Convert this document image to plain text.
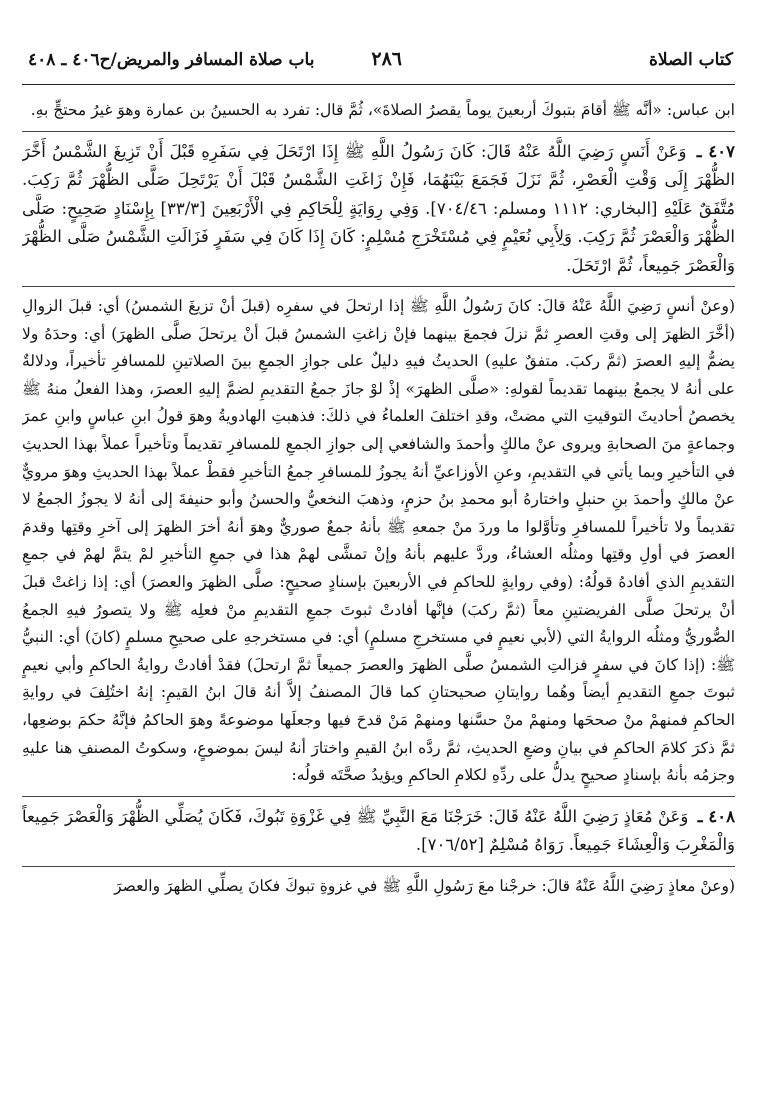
كتاب الصلاة
٢٨٦
باب صلاة المسافر والمريض/ح٤٠٦ ـ ٤٠٨

ابن عباس: «أنَّه ﷺ أقامَ بتبوكَ أربعينَ يوماً يقصرُ الصلاةَ»، ثُمَّ قال: تفرد به الحسينُ بن عمارة وهوَ غيرُ محتجٍّ بهِ.

٤٠٧ ـ وَعَنْ أَنَسٍ رَضِيَ اللَّهُ عَنْهُ قَالَ: كَانَ رَسُولُ اللَّهِ ﷺ إِذَا ارْتَحَلَ فِي سَفَرِهِ قَبْلَ أَنْ تَزِيغَ الشَّمْسُ أَخَّرَ الظُّهْرَ إِلَى وَقْتِ الْعَصْرِ، ثُمَّ نَزَلَ فَجَمَعَ بَيْنَهُمَا، فَإِنْ زَاغَتِ الشَّمْسُ قَبْلَ أَنْ يَرْتَحِلَ صَلَّى الظُّهْرَ ثُمَّ رَكِبَ. مُتَّفَقٌ عَلَيْهِ [البخاري: ١١١٢ ومسلم: ٧٠٤/٤٦]. وَفِي رِوَايَةٍ لِلْحَاكِمِ فِي الْأَرْبَعِينَ [٣٣/٣] بِإِسْنَادٍ صَحِيحٍ: صَلَّى الظُّهْرَ وَالْعَصْرَ ثُمَّ رَكِبَ. وَلِأَبِي نُعَيْمٍ فِي مُسْتَخْرَجِ مُسْلِمٍ: كَانَ إِذَا كَانَ فِي سَفَرٍ فَزَالَتِ الشَّمْسُ صَلَّى الظُّهْرَ وَالْعَصْرَ جَمِيعاً، ثُمَّ ارْتَحَلَ.

(وعنْ أنسٍ رَضِيَ اللَّهُ عَنْهُ قالَ: كانَ رَسُولُ اللَّهِ ﷺ إذا ارتحلَ في سفرِه (قبلَ أنْ تزيغَ الشمسُ) أي: قبلَ الزوالِ (أخَّرَ الظهرَ إلى وقتِ العصرِ ثمَّ نزلَ فجمعَ بينهما فإنْ زاغتِ الشمسُ قبلَ أنْ يرتحلَ صلَّى الظهرَ) أي: وحدَهُ ولا يضمُّ إليهِ العصرَ (ثمَّ ركبَ. متفقٌ عليهِ) الحديثُ فيهِ دليلٌ على جوازِ الجمعِ بينَ الصلاتينِ للمسافرِ تأخيراً، ودلالةٌ على أنهُ لا يجمعُ بينهما تقديماً لقولهِ: «صلَّى الظهرَ» إذْ لوْ جازَ جمعُ التقديمِ لضمَّ إليهِ العصرَ، وهذا الفعلُ منهُ ﷺ يخصصُ أحاديثَ التوقيتِ التي مضتْ، وقدِ اختلفَ العلماءُ في ذلكَ: فذهبتِ الهادويةُ وهوَ قولُ ابنِ عباسٍ وابنِ عمرَ وجماعةٍ منَ الصحابةِ ويروى عنْ مالكٍ وأحمدَ والشافعي إلى جوازِ الجمعِ للمسافرِ تقديماً وتأخيراً عملاً بهذا الحديثِ في التأخيرِ وبما يأتي في التقديمِ، وعنِ الأوزاعيِّ أنهُ يجوزُ للمسافرِ جمعُ التأخيرِ فقطْ عملاً بهذا الحديثِ وهوَ مرويٌّ عنْ مالكٍ وأحمدَ بنِ حنبلٍ واختارهُ أبو محمدِ بنُ حزمٍ، وذهبَ النخعيُّ والحسنُ وأبو حنيفةَ إلى أنهُ لا يجوزُ الجمعُ لا تقديماً ولا تأخيراً للمسافرِ وتأوَّلوا ما وردَ منْ جمعهِ ﷺ بأنهُ جمعٌ صوريٌّ وهوَ أنهُ أخرَ الظهرَ إلى آخرِ وقتِها وقدمَ العصرَ في أولِ وقتِها ومثلُه العشاءُ، وردَّ عليهم بأنهُ وإنْ تمشَّى لهمْ هذا في جمعِ التأخيرِ لمْ يتمَّ لهمْ في جمعِ التقديمِ الذي أفادهُ قولُهُ: (وفي روايةٍ للحاكمِ في الأربعينَ بإسنادٍ صحيحٍ: صلَّى الظهرَ والعصرَ) أي: إذا زاغتْ قبلَ أنْ يرتحلَ صلَّى الفريضتينِ معاً (ثمَّ ركبَ) فإنَّها أفادتْ ثبوتَ جمعِ التقديمِ منْ فعلِه ﷺ ولا يتصورُ فيهِ الجمعُ الصُّوريُّ ومثلُه الروايةُ التي (لأبي نعيمٍ في مستخرجِ مسلمٍ) أي: في مستخرجهِ على صحيحِ مسلمٍ (كانَ) أي: النبيُّ ﷺ: (إذا كانَ في سفرٍ فزالتِ الشمسُ صلَّى الظهرَ والعصرَ جميعاً ثمَّ ارتحلَ) فقدْ أفادتْ روايةُ الحاكمِ وأبي نعيمٍ ثبوتَ جمعِ التقديمِ أيضاً وهُما روايتانِ صحيحتانِ كما قالَ المصنفُ إلاَّ أنهُ قالَ ابنُ القيمِ: إنهُ اختُلِفَ في روايةِ الحاكمِ فمنهمْ منْ صححَها ومنهمْ منْ حسَّنها ومنهمْ مَنْ قدحَ فيها وجعلَها موضوعةً وهوَ الحاكمُ فإنَّهُ حكمَ بوضعِها، ثمَّ ذكرَ كلامَ الحاكمِ في بيانِ وضعِ الحديثِ، ثمَّ ردَّه ابنُ القيمِ واختارَ أنهُ ليسَ بموضوعٍ، وسكوتُ المصنفِ هنا عليهِ وجزمُه بأنهُ بإسنادٍ صحيحٍ يدلُّ على ردِّهِ لكلامِ الحاكمِ ويؤيدُ صحَّتَه قولُه:

٤٠٨ ـ وَعَنْ مُعَاذٍ رَضِيَ اللَّهُ عَنْهُ قَالَ: خَرَجْنَا مَعَ النَّبِيِّ ﷺ فِي غَزْوَةِ تَبُوكَ، فَكَانَ يُصَلِّي الظُّهْرَ وَالْعَصْرَ جَمِيعاً وَالْمَغْرِبَ وَالْعِشَاءَ جَمِيعاً. رَوَاهُ مُسْلِمٌ [٧٠٦/٥٢].

(وعنْ معاذٍ رَضِيَ اللَّهُ عَنْهُ قالَ: خرجْنا معَ رَسُولِ اللَّهِ ﷺ في غزوةِ تبوكَ فكانَ يصلِّي الظهرَ والعصرَ
